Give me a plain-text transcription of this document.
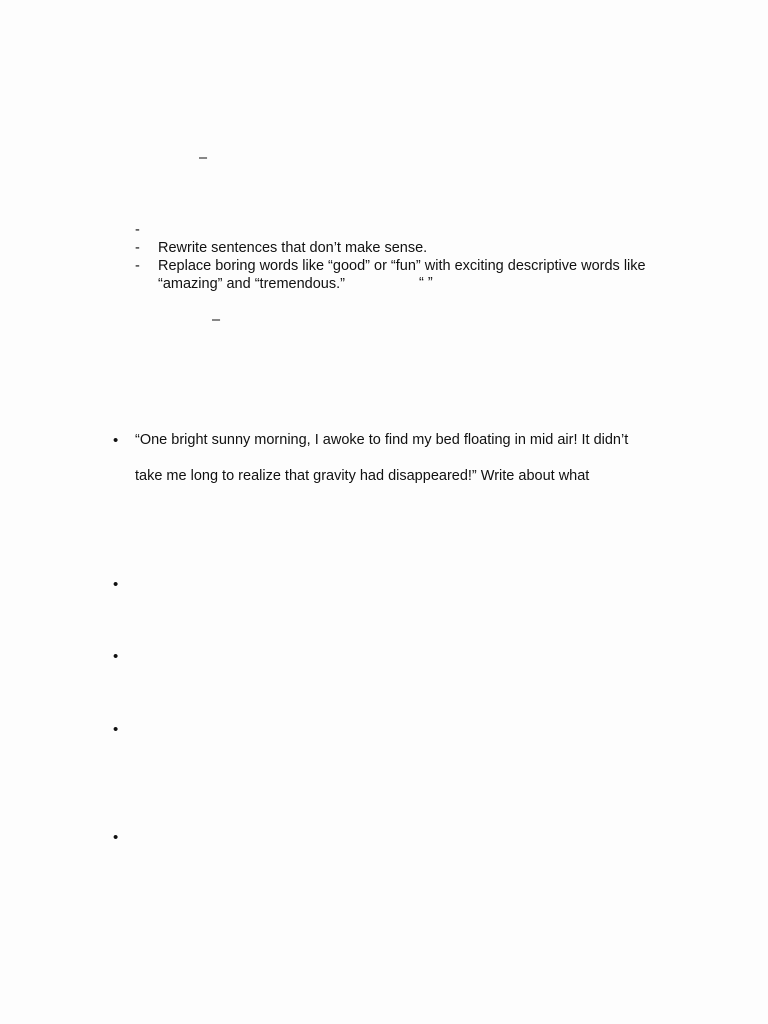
–
-
-	Rewrite sentences that don’t make sense.
-	Replace boring words like “good” or “fun” with exciting descriptive words like
“amazing” and “tremendous.”	“ ”
–
• “One bright sunny morning, I awoke to find my bed floating in mid air! It didn’t
take me long to realize that gravity had disappeared!” Write about what
•
•
•
•
